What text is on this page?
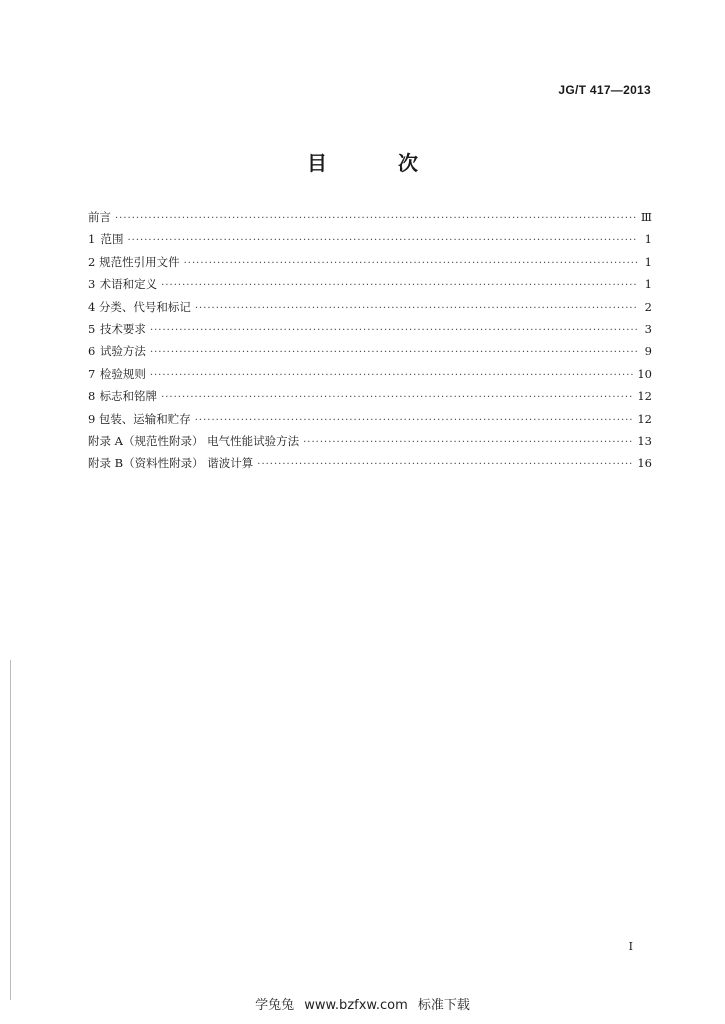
JG/T 417—2013
目 次
前言 ·····	Ⅲ
1 范围 ·····	1
2 规范性引用文件 ·····	1
3 术语和定义 ·····	1
4 分类、代号和标记 ·····	2
5 技术要求 ·····	3
6 试验方法 ·····	9
7 检验规则 ·····	10
8 标志和铭牌 ·····	12
9 包装、运输和贮存 ·····	12
附录 A（规范性附录） 电气性能试验方法 ·····	13
附录 B（资料性附录） 谐波计算 ·····	16
I
学兔兔 www.bzfxw.com 标准下载
